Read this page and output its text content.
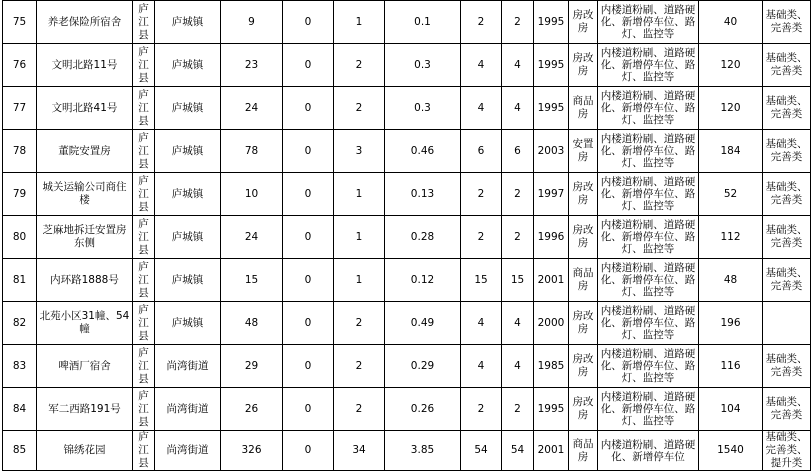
75	养老保险所宿舍	庐江县	庐城镇	9	0	1	0.1	2	2	1995	房改房	内楼道粉刷、道路硬化、新增停车位、路灯、监控等	40	基础类、完善类
76	文明北路11号	庐江县	庐城镇	23	0	2	0.3	4	4	1995	房改房	内楼道粉刷、道路硬化、新增停车位、路灯、监控等	120	基础类、完善类
77	文明北路41号	庐江县	庐城镇	24	0	2	0.3	4	4	1995	商品房	内楼道粉刷、道路硬化、新增停车位、路灯、监控等	120	基础类、完善类
78	董院安置房	庐江县	庐城镇	78	0	3	0.46	6	6	2003	安置房	内楼道粉刷、道路硬化、新增停车位、路灯、监控等	184	基础类、完善类
79	城关运输公司商住楼	庐江县	庐城镇	10	0	1	0.13	2	2	1997	房改房	内楼道粉刷、道路硬化、新增停车位、路灯、监控等	52	基础类、完善类
80	芝麻地拆迁安置房东侧	庐江县	庐城镇	24	0	1	0.28	2	2	1996	房改房	内楼道粉刷、道路硬化、新增停车位、路灯、监控等	112	基础类、完善类
81	内环路1888号	庐江县	庐城镇	15	0	1	0.12	15	15	2001	商品房	内楼道粉刷、道路硬化、新增停车位、路灯、监控等	48	基础类、完善类
82	北苑小区31幢、54幢	庐江县	庐城镇	48	0	2	0.49	4	4	2000	房改房	内楼道粉刷、道路硬化、新增停车位、路灯、监控等	196	
83	啤酒厂宿舍	庐江县	尚湾街道	29	0	2	0.29	4	4	1985	房改房	内楼道粉刷、道路硬化、新增停车位、路灯、监控等	116	基础类、完善类
84	军二西路191号	庐江县	尚湾街道	26	0	2	0.26	2	2	1995	房改房	内楼道粉刷、道路硬化、新增停车位、路灯、监控等	104	基础类、完善类
85	锦绣花园	庐江县	尚湾街道	326	0	34	3.85	54	54	2001	商品房	内楼道粉刷、道路硬化、新增停车位	1540	基础类、完善类、提升类
